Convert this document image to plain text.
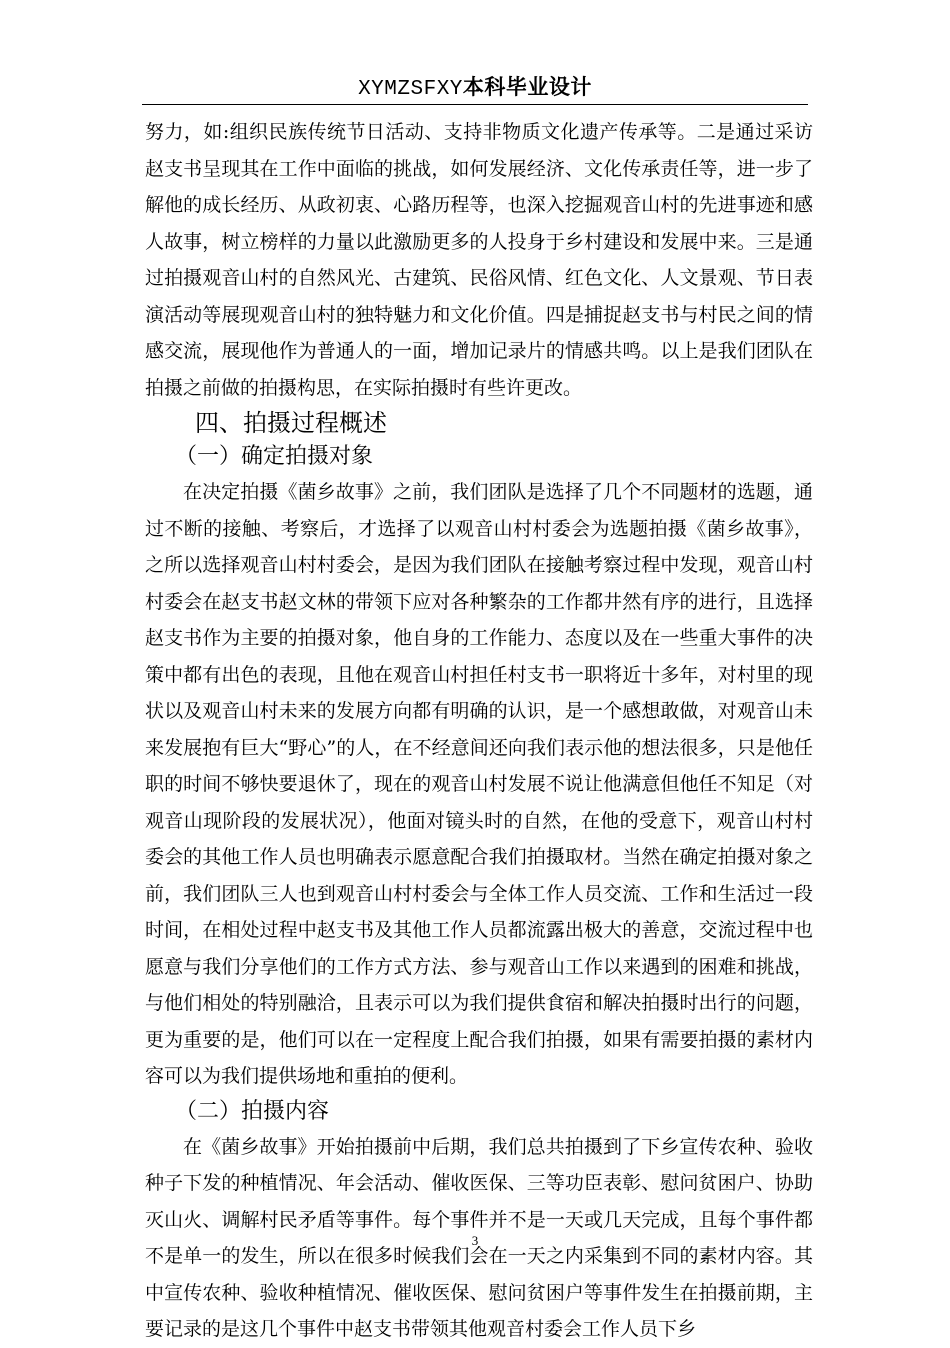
XYMZSFXY本科毕业设计

努力，如:组织民族传统节日活动、支持非物质文化遗产传承等。二是通过采访赵支书呈现其在工作中面临的挑战，如何发展经济、文化传承责任等，进一步了解他的成长经历、从政初衷、心路历程等，也深入挖掘观音山村的先进事迹和感人故事，树立榜样的力量以此激励更多的人投身于乡村建设和发展中来。三是通过拍摄观音山村的自然风光、古建筑、民俗风情、红色文化、人文景观、节日表演活动等展现观音山村的独特魅力和文化价值。四是捕捉赵支书与村民之间的情感交流，展现他作为普通人的一面，增加记录片的情感共鸣。以上是我们团队在拍摄之前做的拍摄构思，在实际拍摄时有些许更改。

四、拍摄过程概述
（一）确定拍摄对象

在决定拍摄《菌乡故事》之前，我们团队是选择了几个不同题材的选题，通过不断的接触、考察后，才选择了以观音山村村委会为选题拍摄《菌乡故事》，之所以选择观音山村村委会，是因为我们团队在接触考察过程中发现，观音山村村委会在赵支书赵文林的带领下应对各种繁杂的工作都井然有序的进行，且选择赵支书作为主要的拍摄对象，他自身的工作能力、态度以及在一些重大事件的决策中都有出色的表现，且他在观音山村担任村支书一职将近十多年，对村里的现状以及观音山村未来的发展方向都有明确的认识，是一个感想敢做，对观音山未来发展抱有巨大“野心”的人，在不经意间还向我们表示他的想法很多，只是他任职的时间不够快要退休了，现在的观音山村发展不说让他满意但他任不知足（对观音山现阶段的发展状况），他面对镜头时的自然，在他的受意下，观音山村村委会的其他工作人员也明确表示愿意配合我们拍摄取材。当然在确定拍摄对象之前，我们团队三人也到观音山村村委会与全体工作人员交流、工作和生活过一段时间，在相处过程中赵支书及其他工作人员都流露出极大的善意，交流过程中也愿意与我们分享他们的工作方式方法、参与观音山工作以来遇到的困难和挑战，与他们相处的特别融洽，且表示可以为我们提供食宿和解决拍摄时出行的问题，更为重要的是，他们可以在一定程度上配合我们拍摄，如果有需要拍摄的素材内容可以为我们提供场地和重拍的便利。

（二）拍摄内容

在《菌乡故事》开始拍摄前中后期，我们总共拍摄到了下乡宣传农种、验收种子下发的种植情况、年会活动、催收医保、三等功臣表彰、慰问贫困户、协助灭山火、调解村民矛盾等事件。每个事件并不是一天或几天完成，且每个事件都不是单一的发生，所以在很多时候我们会在一天之内采集到不同的素材内容。其中宣传农种、验收种植情况、催收医保、慰问贫困户等事件发生在拍摄前期，主要记录的是这几个事件中赵支书带领其他观音村委会工作人员下乡

3
